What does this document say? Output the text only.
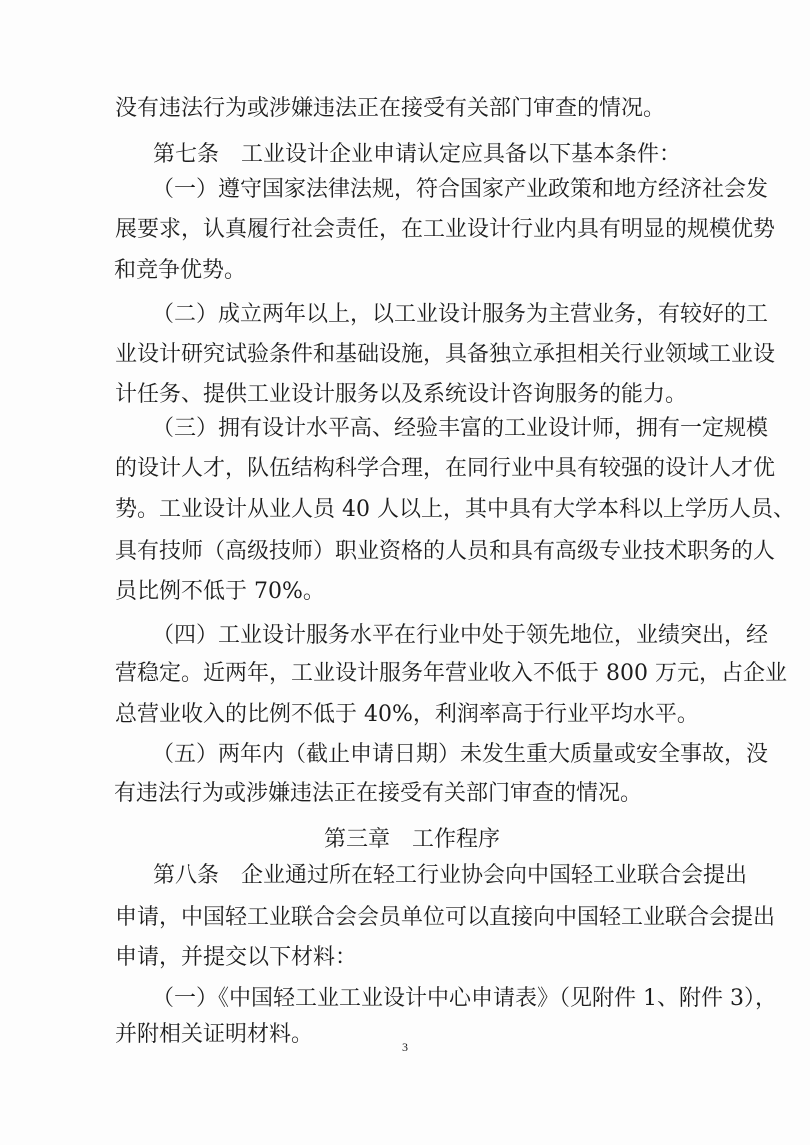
没有违法行为或涉嫌违法正在接受有关部门审查的情况。
第七条　工业设计企业申请认定应具备以下基本条件：
（一）遵守国家法律法规，符合国家产业政策和地方经济社会发
展要求，认真履行社会责任，在工业设计行业内具有明显的规模优势
和竞争优势。
（二）成立两年以上，以工业设计服务为主营业务，有较好的工
业设计研究试验条件和基础设施，具备独立承担相关行业领域工业设
计任务、提供工业设计服务以及系统设计咨询服务的能力。
（三）拥有设计水平高、经验丰富的工业设计师，拥有一定规模
的设计人才，队伍结构科学合理，在同行业中具有较强的设计人才优
势。工业设计从业人员 40 人以上，其中具有大学本科以上学历人员、
具有技师（高级技师）职业资格的人员和具有高级专业技术职务的人
员比例不低于 70%。
（四）工业设计服务水平在行业中处于领先地位，业绩突出，经
营稳定。近两年，工业设计服务年营业收入不低于 800 万元，占企业
总营业收入的比例不低于 40%，利润率高于行业平均水平。
（五）两年内（截止申请日期）未发生重大质量或安全事故，没
有违法行为或涉嫌违法正在接受有关部门审查的情况。
第三章　工作程序
第八条　企业通过所在轻工行业协会向中国轻工业联合会提出
申请，中国轻工业联合会会员单位可以直接向中国轻工业联合会提出
申请，并提交以下材料：
（一）《中国轻工业工业设计中心申请表》（见附件 1、附件 3），
并附相关证明材料。	3
